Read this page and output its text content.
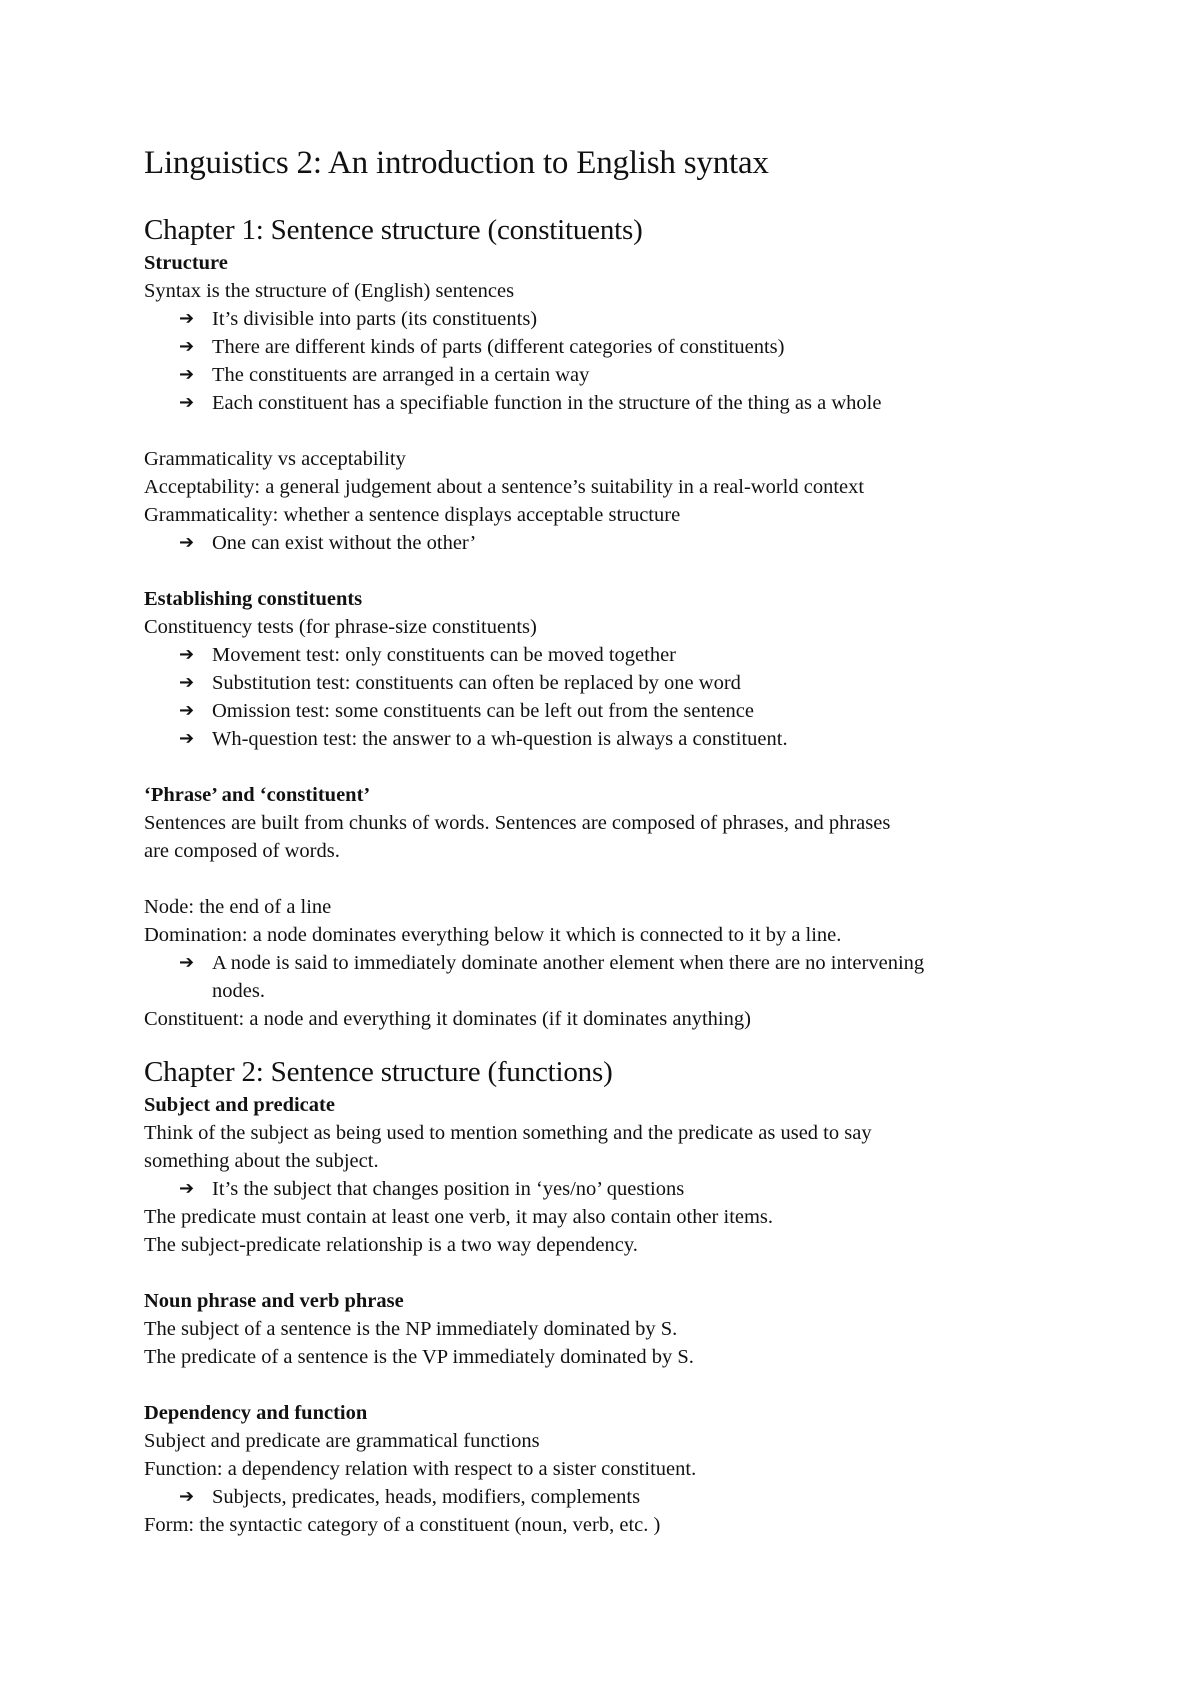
Linguistics 2: An introduction to English syntax
Chapter 1: Sentence structure (constituents)
Structure
Syntax is the structure of (English) sentences
➔ It’s divisible into parts (its constituents)
➔ There are different kinds of parts (different categories of constituents)
➔ The constituents are arranged in a certain way
➔ Each constituent has a specifiable function in the structure of the thing as a whole
Grammaticality vs acceptability
Acceptability: a general judgement about a sentence’s suitability in a real-world context
Grammaticality: whether a sentence displays acceptable structure
➔ One can exist without the other’
Establishing constituents
Constituency tests (for phrase-size constituents)
➔ Movement test: only constituents can be moved together
➔ Substitution test: constituents can often be replaced by one word
➔ Omission test: some constituents can be left out from the sentence
➔ Wh-question test: the answer to a wh-question is always a constituent.
‘Phrase’ and ‘constituent’
Sentences are built from chunks of words. Sentences are composed of phrases, and phrases
are composed of words.
Node: the end of a line
Domination: a node dominates everything below it which is connected to it by a line.
➔ A node is said to immediately dominate another element when there are no intervening
nodes.
Constituent: a node and everything it dominates (if it dominates anything)
Chapter 2: Sentence structure (functions)
Subject and predicate
Think of the subject as being used to mention something and the predicate as used to say
something about the subject.
➔ It’s the subject that changes position in ‘yes/no’ questions
The predicate must contain at least one verb, it may also contain other items.
The subject-predicate relationship is a two way dependency.
Noun phrase and verb phrase
The subject of a sentence is the NP immediately dominated by S.
The predicate of a sentence is the VP immediately dominated by S.
Dependency and function
Subject and predicate are grammatical functions
Function: a dependency relation with respect to a sister constituent.
➔ Subjects, predicates, heads, modifiers, complements
Form: the syntactic category of a constituent (noun, verb, etc. )
